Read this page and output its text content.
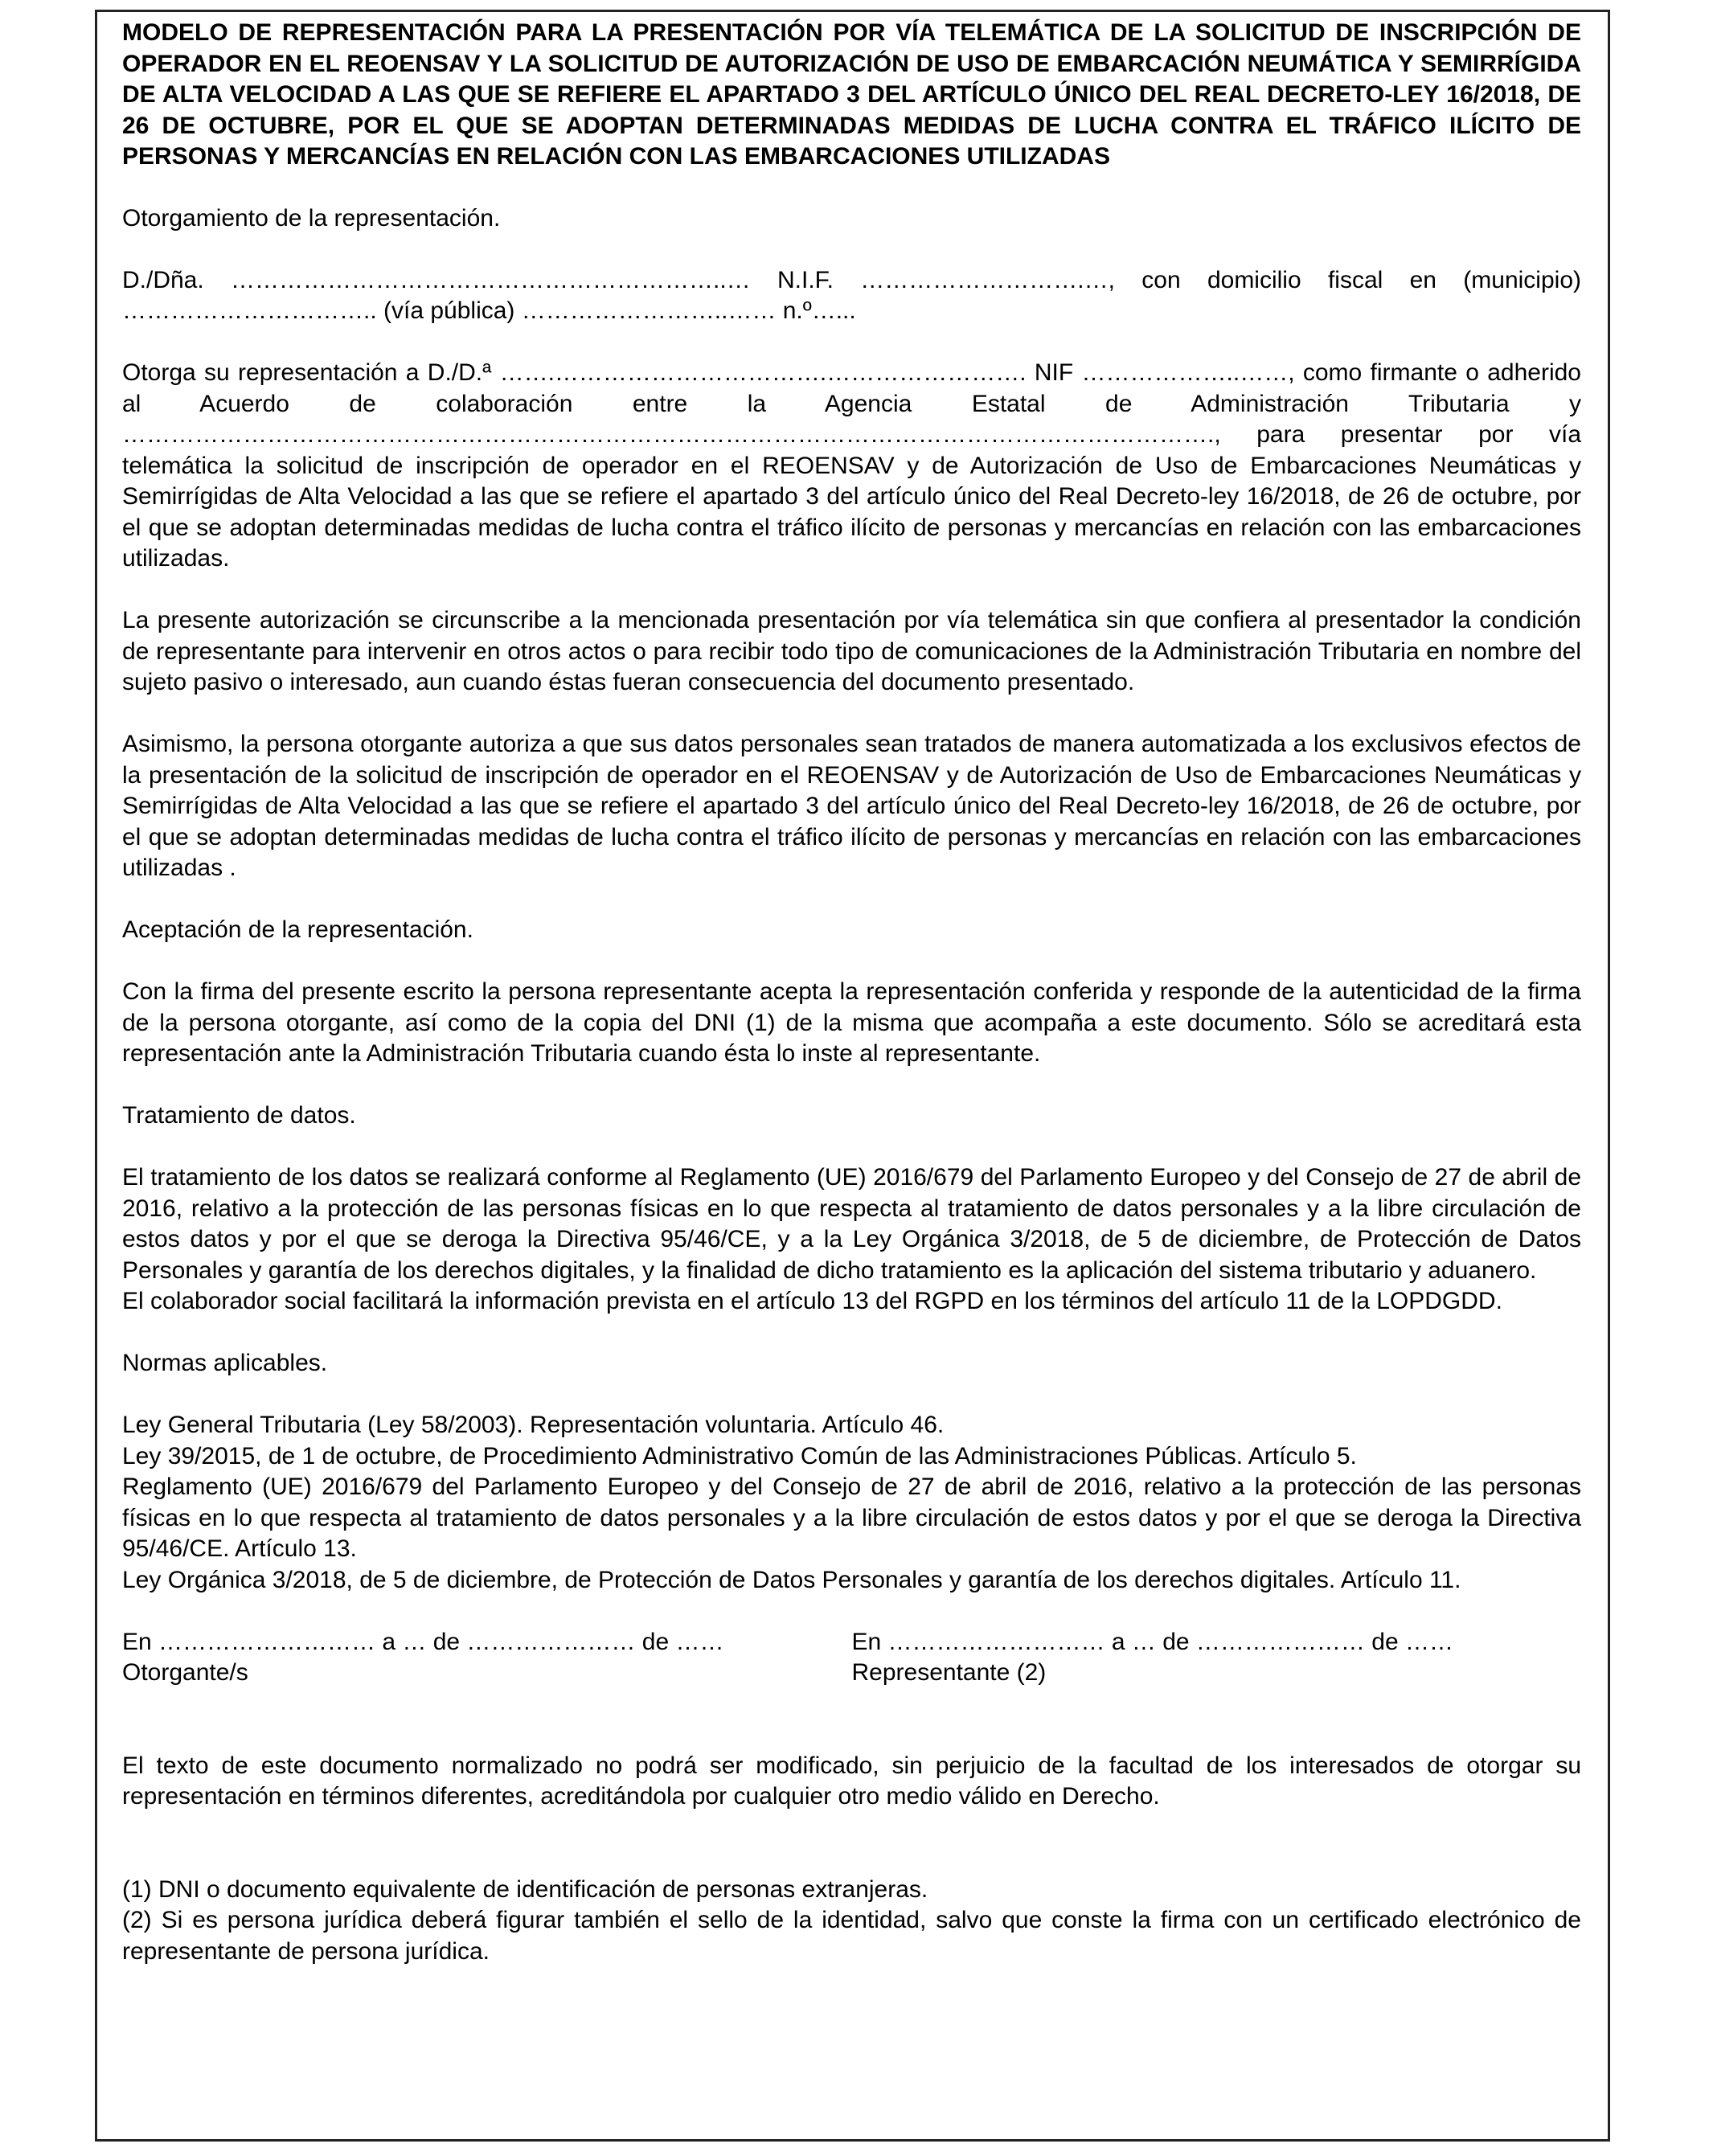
MODELO DE REPRESENTACIÓN PARA LA PRESENTACIÓN POR VÍA TELEMÁTICA DE LA SOLICITUD DE INSCRIPCIÓN DE OPERADOR EN EL REOENSAV Y LA SOLICITUD DE AUTORIZACIÓN DE USO DE EMBARCACIÓN NEUMÁTICA Y SEMIRRÍGIDA DE ALTA VELOCIDAD A LAS QUE SE REFIERE EL APARTADO 3 DEL ARTÍCULO ÚNICO DEL REAL DECRETO-LEY 16/2018, DE 26 DE OCTUBRE, POR EL QUE SE ADOPTAN DETERMINADAS MEDIDAS DE LUCHA CONTRA EL TRÁFICO ILÍCITO DE PERSONAS Y MERCANCÍAS EN RELACIÓN CON LAS EMBARCACIONES UTILIZADAS

Otorgamiento de la representación.

D./Dña. ……………………………………………………..… N.I.F. ……………………….…, con domicilio fiscal en (municipio) ………………………….. (vía pública) ……………………..…… n.º…...

Otorga su representación a D./D.ª …….…………………………….……………………. NIF ………………..……, como firmante o adherido al Acuerdo de colaboración entre la Agencia Estatal de Administración Tributaria y ………………………………………………………………………………………………………………………., para presentar por vía telemática la solicitud de inscripción de operador en el REOENSAV y de Autorización de Uso de Embarcaciones Neumáticas y Semirrígidas de Alta Velocidad a las que se refiere el apartado 3 del artículo único del Real Decreto-ley 16/2018, de 26 de octubre, por el que se adoptan determinadas medidas de lucha contra el tráfico ilícito de personas y mercancías en relación con las embarcaciones utilizadas.

La presente autorización se circunscribe a la mencionada presentación por vía telemática sin que confiera al presentador la condición de representante para intervenir en otros actos o para recibir todo tipo de comunicaciones de la Administración Tributaria en nombre del sujeto pasivo o interesado, aun cuando éstas fueran consecuencia del documento presentado.

Asimismo, la persona otorgante autoriza a que sus datos personales sean tratados de manera automatizada a los exclusivos efectos de la presentación de la solicitud de inscripción de operador en el REOENSAV y de Autorización de Uso de Embarcaciones Neumáticas y Semirrígidas de Alta Velocidad a las que se refiere el apartado 3 del artículo único del Real Decreto-ley 16/2018, de 26 de octubre, por el que se adoptan determinadas medidas de lucha contra el tráfico ilícito de personas y mercancías en relación con las embarcaciones utilizadas .

Aceptación de la representación.

Con la firma del presente escrito la persona representante acepta la representación conferida y responde de la autenticidad de la firma de la persona otorgante, así como de la copia del DNI (1) de la misma que acompaña a este documento. Sólo se acreditará esta representación ante la Administración Tributaria cuando ésta lo inste al representante.

Tratamiento de datos.

El tratamiento de los datos se realizará conforme al Reglamento (UE) 2016/679 del Parlamento Europeo y del Consejo de 27 de abril de 2016, relativo a la protección de las personas físicas en lo que respecta al tratamiento de datos personales y a la libre circulación de estos datos y por el que se deroga la Directiva 95/46/CE, y a la Ley Orgánica 3/2018, de 5 de diciembre, de Protección de Datos Personales y garantía de los derechos digitales, y la finalidad de dicho tratamiento es la aplicación del sistema tributario y aduanero.

El colaborador social facilitará la información prevista en el artículo 13 del RGPD en los términos del artículo 11 de la LOPDGDD.

Normas aplicables.

Ley General Tributaria (Ley 58/2003). Representación voluntaria. Artículo 46.

Ley 39/2015, de 1 de octubre, de Procedimiento Administrativo Común de las Administraciones Públicas. Artículo 5.

Reglamento (UE) 2016/679 del Parlamento Europeo y del Consejo de 27 de abril de 2016, relativo a la protección de las personas físicas en lo que respecta al tratamiento de datos personales y a la libre circulación de estos datos y por el que se deroga la Directiva 95/46/CE. Artículo 13.

Ley Orgánica 3/2018, de 5 de diciembre, de Protección de Datos Personales y garantía de los derechos digitales. Artículo 11.

En ……………………… a … de ………………… de ……

Otorgante/s

En ……………………… a … de ………………… de ……

Representante (2)

El texto de este documento normalizado no podrá ser modificado, sin perjuicio de la facultad de los interesados de otorgar su representación en términos diferentes, acreditándola por cualquier otro medio válido en Derecho.

(1) DNI o documento equivalente de identificación de personas extranjeras.

(2) Si es persona jurídica deberá figurar también el sello de la identidad, salvo que conste la firma con un certificado electrónico de representante de persona jurídica.
